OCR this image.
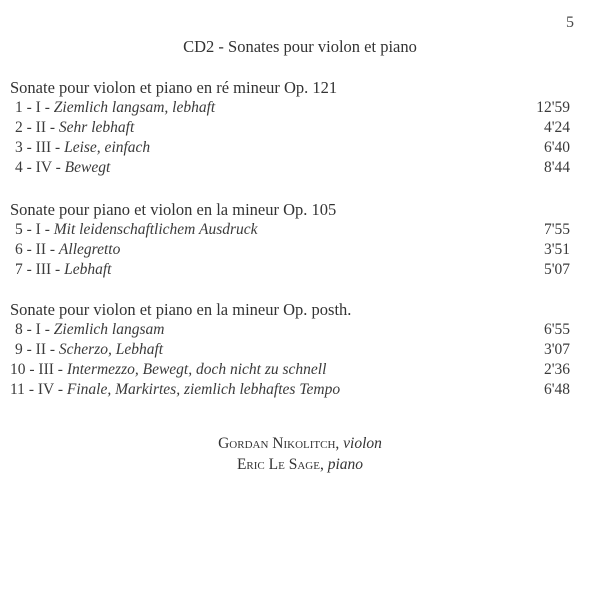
5
CD2 - Sonates pour violon et piano
Sonate pour violon et piano en ré mineur Op. 121
1 - I - Ziemlich langsam, lebhaft	12'59
2 - II - Sehr lebhaft	4'24
3 - III - Leise, einfach	6'40
4 - IV - Bewegt	8'44
Sonate pour piano et violon en la mineur Op. 105
5 - I - Mit leidenschaftlichem Ausdruck	7'55
6 - II - Allegretto	3'51
7 - III - Lebhaft	5'07
Sonate pour violon et piano en la mineur Op. posth.
8 - I - Ziemlich langsam	6'55
9 - II - Scherzo, Lebhaft	3'07
10 - III - Intermezzo, Bewegt, doch nicht zu schnell	2'36
11 - IV - Finale, Markirtes, ziemlich lebhaftes Tempo	6'48
Gordan Nikolitch, violon
Eric Le Sage, piano
